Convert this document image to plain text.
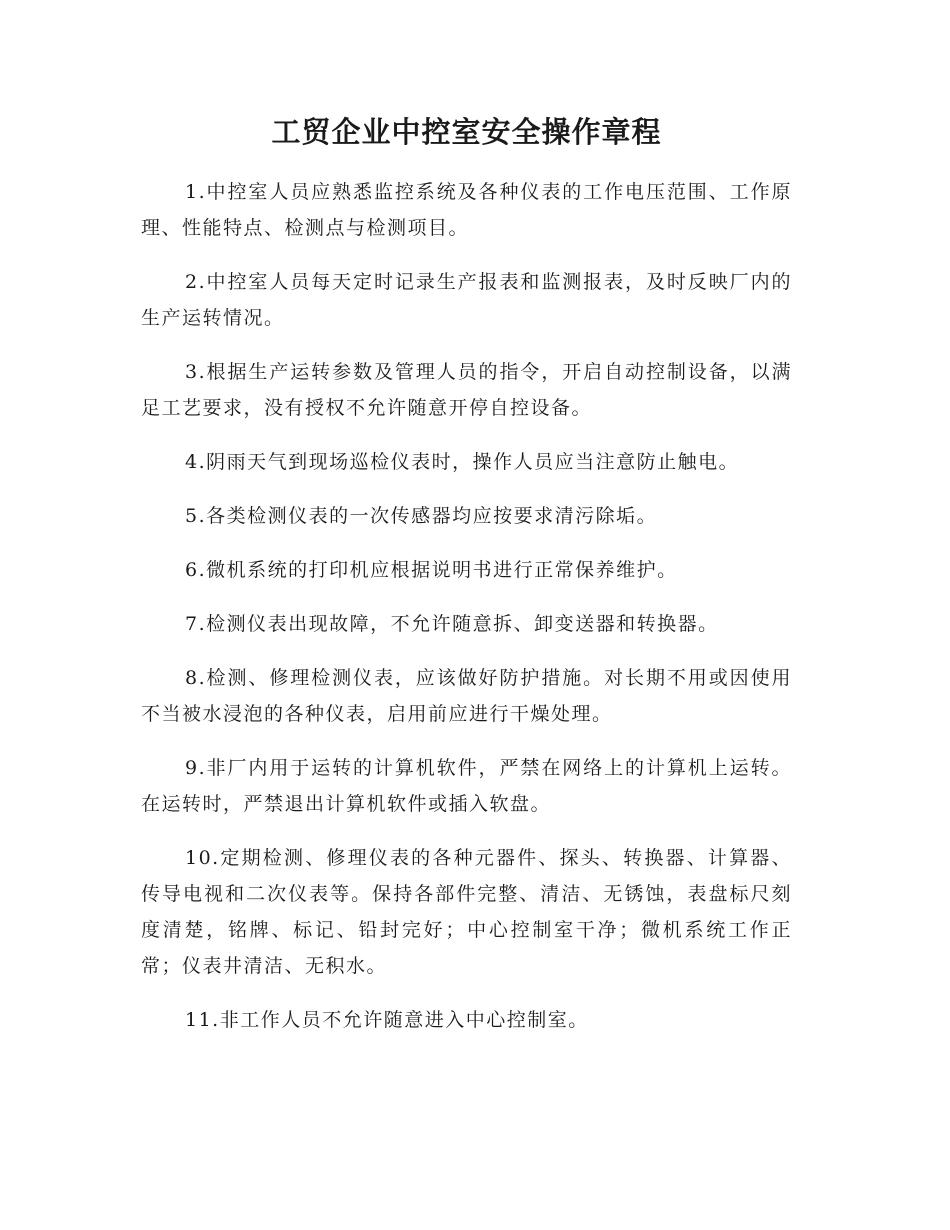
工贸企业中控室安全操作章程
1.中控室人员应熟悉监控系统及各种仪表的工作电压范围、工作原理、性能特点、检测点与检测项目。
2.中控室人员每天定时记录生产报表和监测报表，及时反映厂内的生产运转情况。
3.根据生产运转参数及管理人员的指令，开启自动控制设备，以满足工艺要求，没有授权不允许随意开停自控设备。
4.阴雨天气到现场巡检仪表时，操作人员应当注意防止触电。
5.各类检测仪表的一次传感器均应按要求清污除垢。
6.微机系统的打印机应根据说明书进行正常保养维护。
7.检测仪表出现故障，不允许随意拆、卸变送器和转换器。
8.检测、修理检测仪表，应该做好防护措施。对长期不用或因使用不当被水浸泡的各种仪表，启用前应进行干燥处理。
9.非厂内用于运转的计算机软件，严禁在网络上的计算机上运转。在运转时，严禁退出计算机软件或插入软盘。
10.定期检测、修理仪表的各种元器件、探头、转换器、计算器、传导电视和二次仪表等。保持各部件完整、清洁、无锈蚀，表盘标尺刻度清楚，铭牌、标记、铅封完好；中心控制室干净；微机系统工作正常；仪表井清洁、无积水。
11.非工作人员不允许随意进入中心控制室。
